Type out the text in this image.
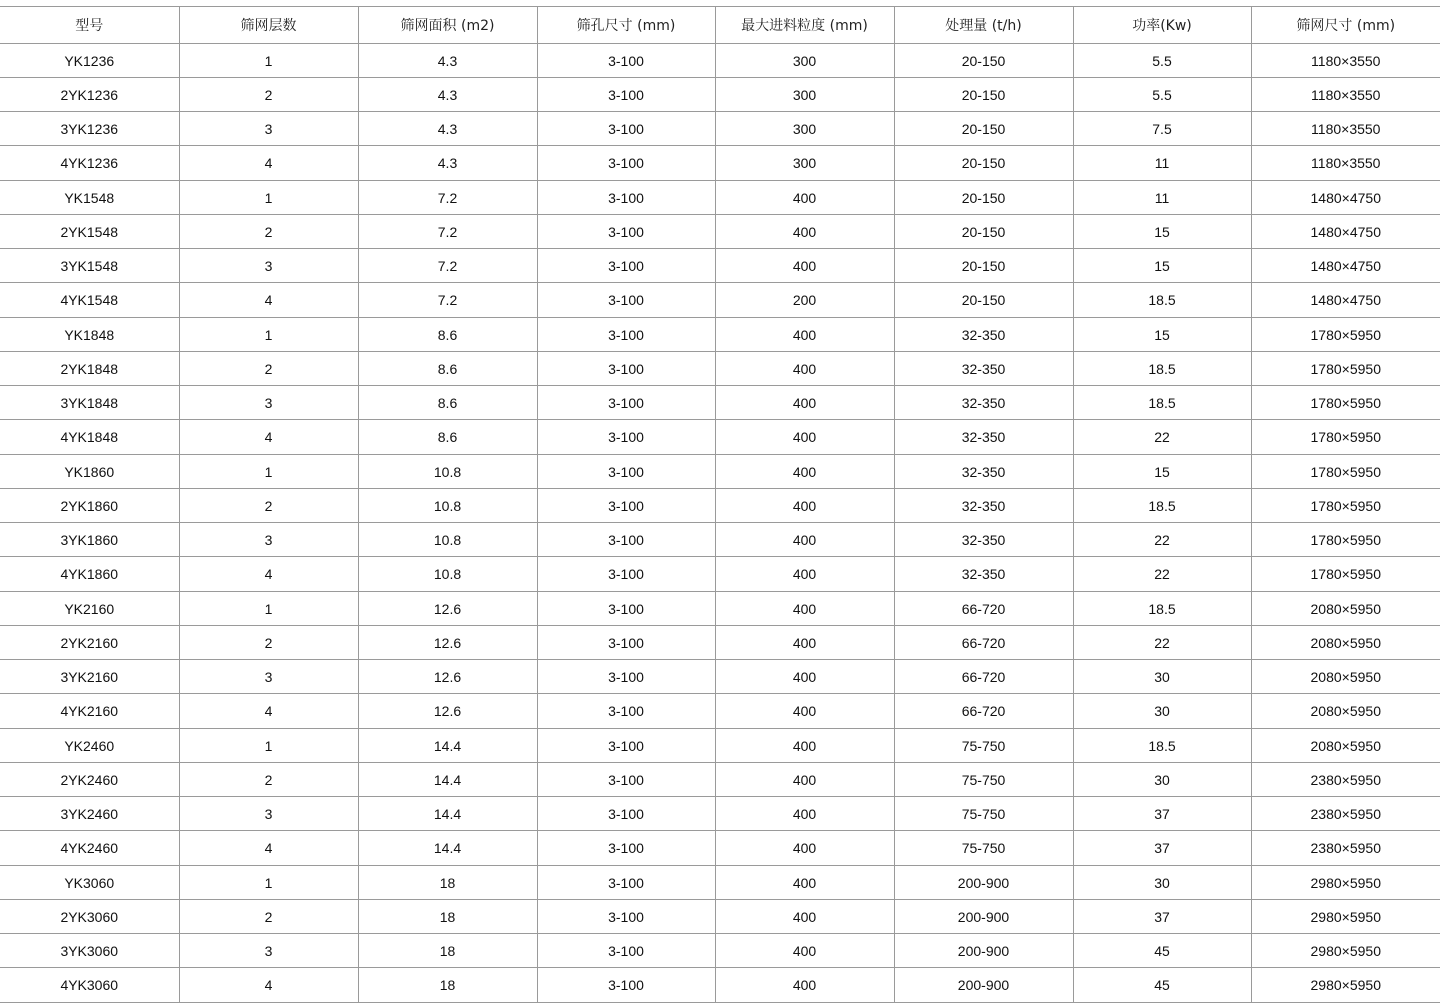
型号	筛网层数	筛网面积 (m2)	筛孔尺寸 (mm)	最大进料粒度 (mm)	处理量 (t/h)	功率(Kw)	筛网尺寸 (mm)
YK1236	1	4.3	3-100	300	20-150	5.5	1180×3550
2YK1236	2	4.3	3-100	300	20-150	5.5	1180×3550
3YK1236	3	4.3	3-100	300	20-150	7.5	1180×3550
4YK1236	4	4.3	3-100	300	20-150	11	1180×3550
YK1548	1	7.2	3-100	400	20-150	11	1480×4750
2YK1548	2	7.2	3-100	400	20-150	15	1480×4750
3YK1548	3	7.2	3-100	400	20-150	15	1480×4750
4YK1548	4	7.2	3-100	200	20-150	18.5	1480×4750
YK1848	1	8.6	3-100	400	32-350	15	1780×5950
2YK1848	2	8.6	3-100	400	32-350	18.5	1780×5950
3YK1848	3	8.6	3-100	400	32-350	18.5	1780×5950
4YK1848	4	8.6	3-100	400	32-350	22	1780×5950
YK1860	1	10.8	3-100	400	32-350	15	1780×5950
2YK1860	2	10.8	3-100	400	32-350	18.5	1780×5950
3YK1860	3	10.8	3-100	400	32-350	22	1780×5950
4YK1860	4	10.8	3-100	400	32-350	22	1780×5950
YK2160	1	12.6	3-100	400	66-720	18.5	2080×5950
2YK2160	2	12.6	3-100	400	66-720	22	2080×5950
3YK2160	3	12.6	3-100	400	66-720	30	2080×5950
4YK2160	4	12.6	3-100	400	66-720	30	2080×5950
YK2460	1	14.4	3-100	400	75-750	18.5	2080×5950
2YK2460	2	14.4	3-100	400	75-750	30	2380×5950
3YK2460	3	14.4	3-100	400	75-750	37	2380×5950
4YK2460	4	14.4	3-100	400	75-750	37	2380×5950
YK3060	1	18	3-100	400	200-900	30	2980×5950
2YK3060	2	18	3-100	400	200-900	37	2980×5950
3YK3060	3	18	3-100	400	200-900	45	2980×5950
4YK3060	4	18	3-100	400	200-900	45	2980×5950
